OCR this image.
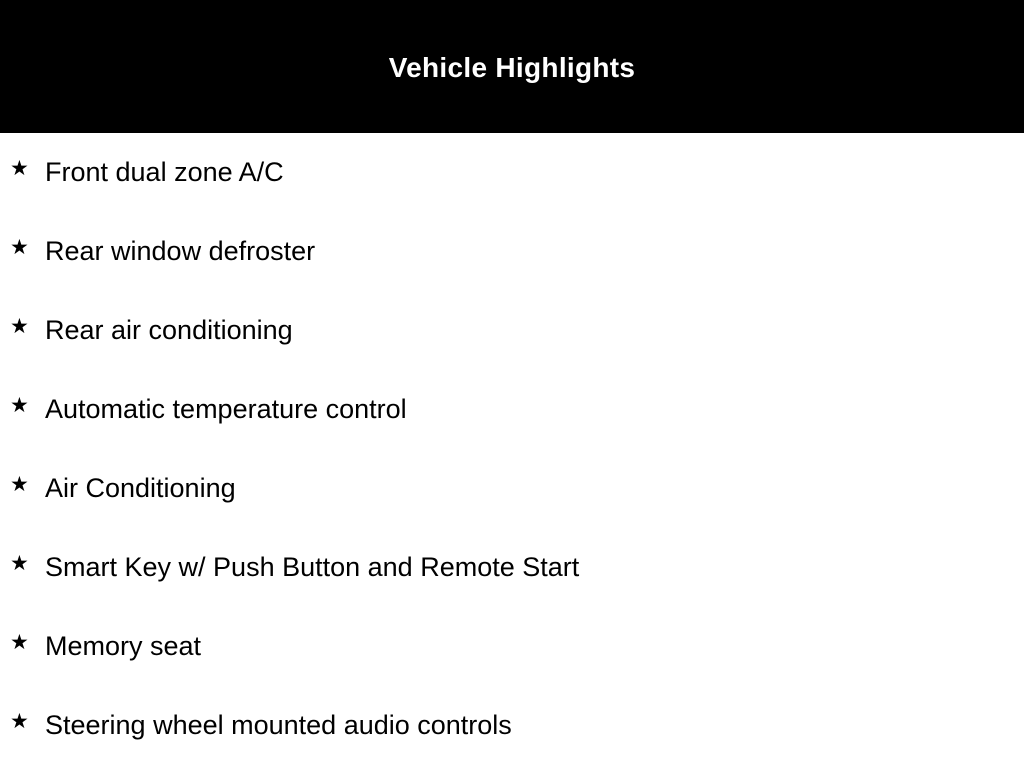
Vehicle Highlights
★ Front dual zone A/C
★ Rear window defroster
★ Rear air conditioning
★ Automatic temperature control
★ Air Conditioning
★ Smart Key w/ Push Button and Remote Start
★ Memory seat
★ Steering wheel mounted audio controls
